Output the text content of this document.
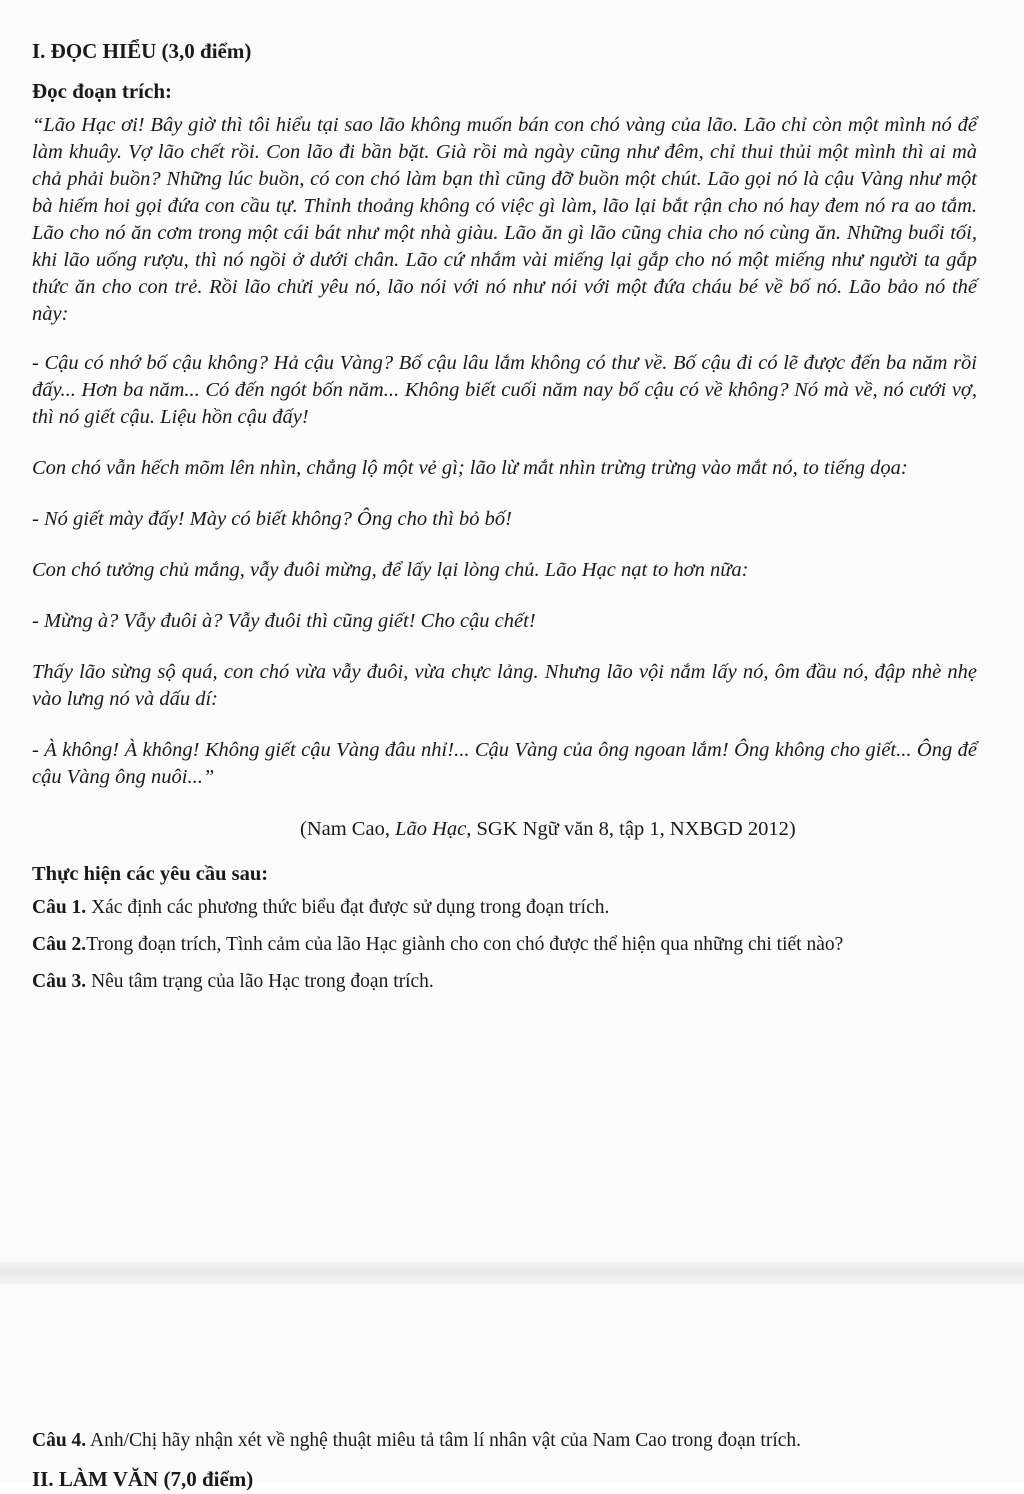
I. ĐỌC HIỂU (3,0 điểm)
Đọc đoạn trích:

“Lão Hạc ơi! Bây giờ thì tôi hiểu tại sao lão không muốn bán con chó vàng của lão. Lão chỉ còn một mình nó để làm khuây. Vợ lão chết rồi. Con lão đi bần bặt. Già rồi mà ngày cũng như đêm, chỉ thui thủi một mình thì ai mà chả phải buồn? Những lúc buồn, có con chó làm bạn thì cũng đỡ buồn một chút. Lão gọi nó là cậu Vàng như một bà hiếm hoi gọi đứa con cầu tự. Thỉnh thoảng không có việc gì làm, lão lại bắt rận cho nó hay đem nó ra ao tắm. Lão cho nó ăn cơm trong một cái bát như một nhà giàu. Lão ăn gì lão cũng chia cho nó cùng ăn. Những buổi tối, khi lão uống rượu, thì nó ngồi ở dưới chân. Lão cứ nhắm vài miếng lại gắp cho nó một miếng như người ta gắp thức ăn cho con trẻ. Rồi lão chửi yêu nó, lão nói với nó như nói với một đứa cháu bé về bố nó. Lão bảo nó thế này:

- Cậu có nhớ bố cậu không? Hả cậu Vàng? Bố cậu lâu lắm không có thư về. Bố cậu đi có lẽ được đến ba năm rồi đấy... Hơn ba năm... Có đến ngót bốn năm... Không biết cuối năm nay bố cậu có về không? Nó mà về, nó cưới vợ, thì nó giết cậu. Liệu hồn cậu đấy!

Con chó vẫn hếch mõm lên nhìn, chẳng lộ một vẻ gì; lão lừ mắt nhìn trừng trừng vào mắt nó, to tiếng dọa:

- Nó giết mày đấy! Mày có biết không? Ông cho thì bỏ bố!

Con chó tưởng chủ mắng, vẫy đuôi mừng, để lấy lại lòng chủ. Lão Hạc nạt to hơn nữa:

- Mừng à? Vẫy đuôi à? Vẫy đuôi thì cũng giết! Cho cậu chết!

Thấy lão sừng sộ quá, con chó vừa vẫy đuôi, vừa chực lảng. Nhưng lão vội nắm lấy nó, ôm đầu nó, đập nhè nhẹ vào lưng nó và dấu dí:

- À không! À không! Không giết cậu Vàng đâu nhỉ!... Cậu Vàng của ông ngoan lắm! Ông không cho giết... Ông để cậu Vàng ông nuôi...”

(Nam Cao, Lão Hạc, SGK Ngữ văn 8, tập 1, NXBGD 2012)
Thực hiện các yêu cầu sau:
Câu 1. Xác định các phương thức biểu đạt được sử dụng trong đoạn trích.
Câu 2.Trong đoạn trích, Tình cảm của lão Hạc giành cho con chó được thể hiện qua những chi tiết nào?
Câu 3. Nêu tâm trạng của lão Hạc trong đoạn trích.
Câu 4. Anh/Chị hãy nhận xét về nghệ thuật miêu tả tâm lí nhân vật của Nam Cao trong đoạn trích.
II. LÀM VĂN (7,0 điểm)
